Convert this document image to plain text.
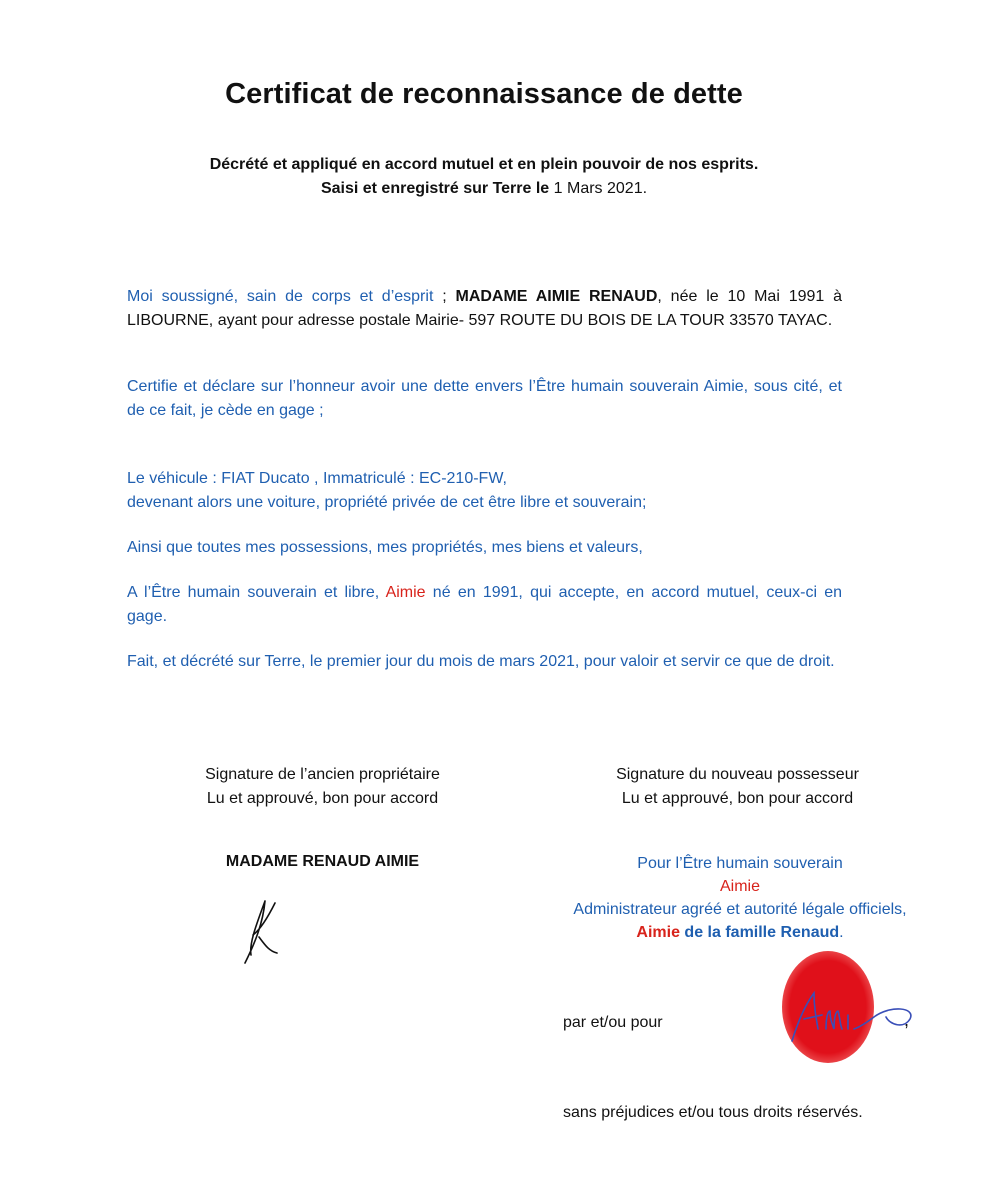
Certificat de reconnaissance de dette
Décrété et appliqué en accord mutuel et en plein pouvoir de nos esprits.
Saisi et enregistré sur Terre le 1 Mars 2021.
Moi soussigné, sain de corps et d’esprit ; MADAME AIMIE RENAUD, née le 10 Mai 1991 à LIBOURNE, ayant pour adresse postale Mairie- 597 ROUTE DU BOIS DE LA TOUR 33570 TAYAC.
Certifie et déclare sur l’honneur avoir une dette envers l’Être humain souverain Aimie, sous cité, et de ce fait, je cède en gage ;
Le véhicule : FIAT Ducato , Immatriculé : EC-210-FW,
devenant alors une voiture, propriété privée de cet être libre et souverain;
Ainsi que toutes mes possessions, mes propriétés, mes biens et valeurs,
A l’Être humain souverain et libre, Aimie né en 1991, qui accepte, en accord mutuel, ceux-ci en gage.
Fait, et décrété sur Terre, le premier jour du mois de mars 2021, pour valoir et servir ce que de droit.
Signature de l’ancien propriétaire
Lu et approuvé, bon pour accord
Signature du nouveau possesseur
Lu et approuvé, bon pour accord
MADAME RENAUD AIMIE	Pour l’Être humain souverain
Aimie
Administrateur agréé et autorité légale officiels,
Aimie de la famille Renaud.
par et/ou pour	,
sans préjudices et/ou tous droits réservés.
